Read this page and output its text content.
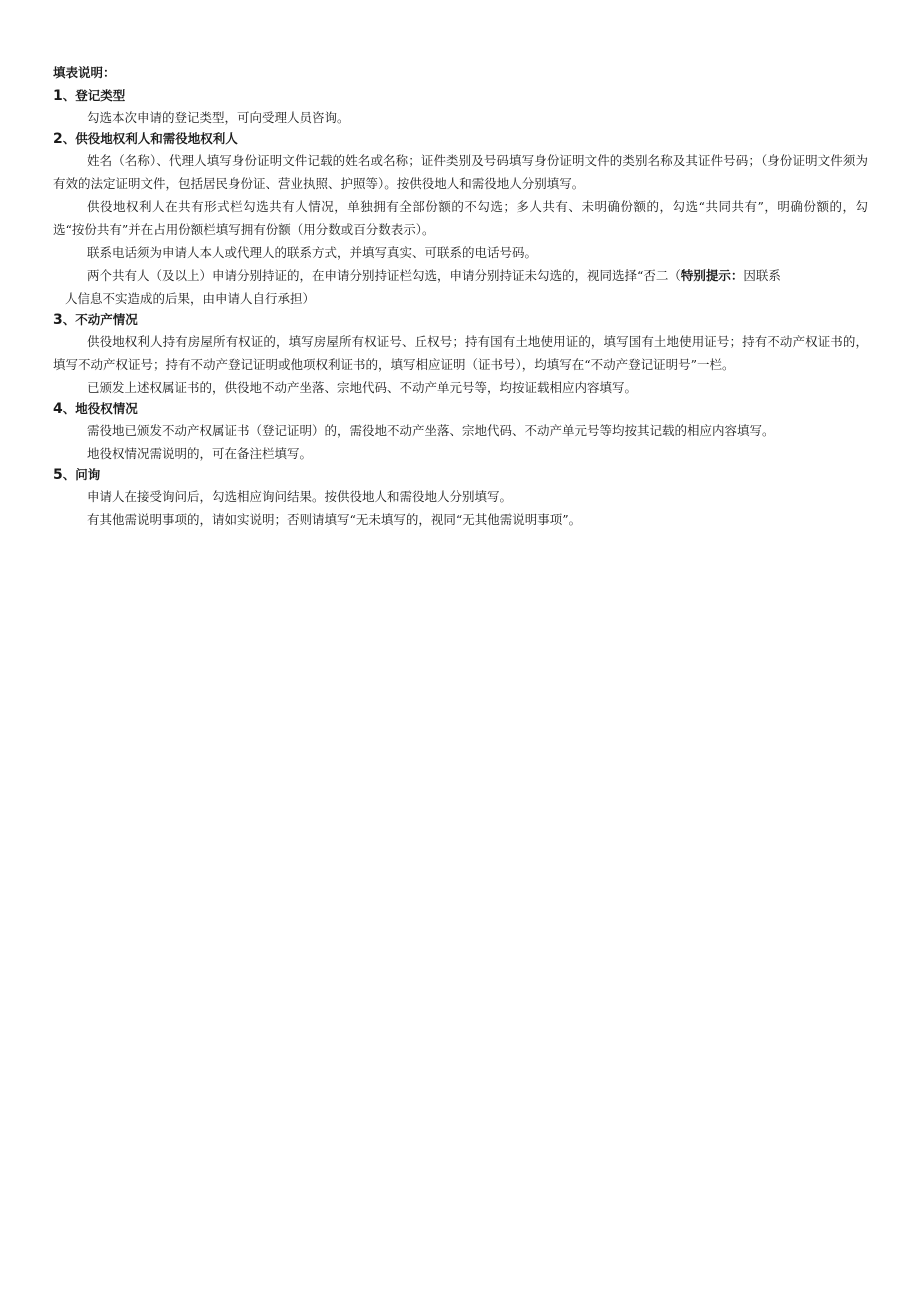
填表说明：
1、登记类型

勾选本次申请的登记类型，可向受理人员咨询。

2、供役地权利人和需役地权利人

姓名（名称）、代理人填写身份证明文件记载的姓名或名称；证件类别及号码填写身份证明文件的类别名称及其证件号码；（身份证明文件须为有效的法定证明文件，包括居民身份证、营业执照、护照等）。按供役地人和需役地人分别填写。

供役地权利人在共有形式栏勾选共有人情况，单独拥有全部份额的不勾选；多人共有、未明确份额的，勾选“共同共有”，明确份额的，勾选“按份共有”并在占用份额栏填写拥有份额（用分数或百分数表示）。

联系电话须为申请人本人或代理人的联系方式，并填写真实、可联系的电话号码。

两个共有人（及以上）申请分别持证的，在申请分别持证栏勾选，申请分别持证未勾选的，视同选择“否二（特别提示：因联系
人信息不实造成的后果，由申请人自行承担）

3、不动产情况

供役地权利人持有房屋所有权证的，填写房屋所有权证号、丘权号；持有国有土地使用证的，填写国有土地使用证号；持有不动产权证书的，填写不动产权证号；持有不动产登记证明或他项权利证书的，填写相应证明（证书号），均填写在“不动产登记证明号”一栏。

已颁发上述权属证书的，供役地不动产坐落、宗地代码、不动产单元号等，均按证载相应内容填写。

4、地役权情况

需役地已颁发不动产权属证书（登记证明）的，需役地不动产坐落、宗地代码、不动产单元号等均按其记载的相应内容填写。

地役权情况需说明的，可在备注栏填写。

5、问询

申请人在接受询问后，勾选相应询问结果。按供役地人和需役地人分别填写。

有其他需说明事项的，请如实说明；否则请填写“无未填写的，视同“无其他需说明事项”。
